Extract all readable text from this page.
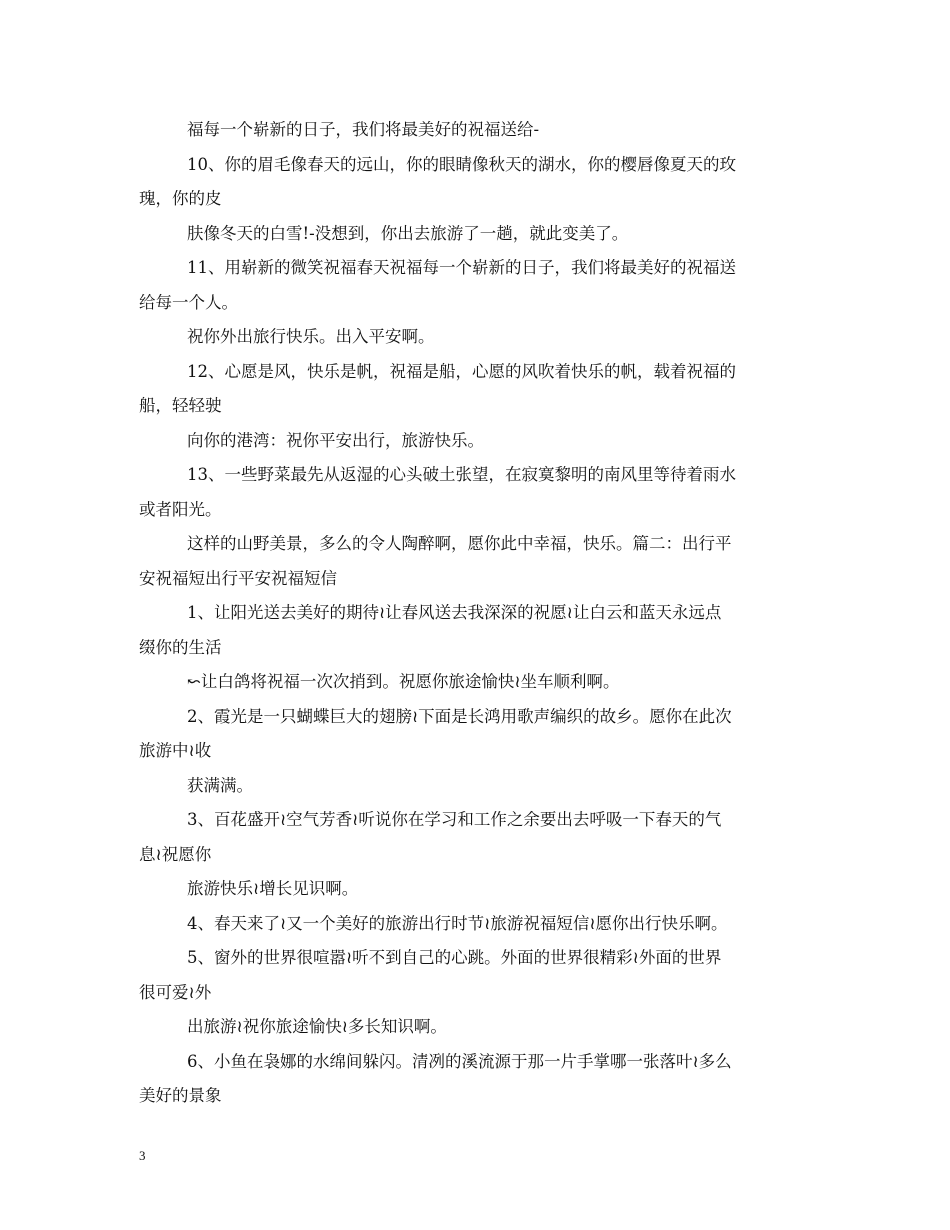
福每一个崭新的日子，我们将最美好的祝福送给-
10、你的眉毛像春天的远山，你的眼睛像秋天的湖水，你的樱唇像夏天的玫
瑰，你的皮
肤像冬天的白雪!-没想到，你出去旅游了一趟，就此变美了。
11、用崭新的微笑祝福春天祝福每一个崭新的日子，我们将最美好的祝福送
给每一个人。
祝你外出旅行快乐。出入平安啊。
12、心愿是风，快乐是帆，祝福是船，心愿的风吹着快乐的帆，载着祝福的
船，轻轻驶
向你的港湾：祝你平安出行，旅游快乐。
13、一些野菜最先从返湿的心头破土张望，在寂寞黎明的南风里等待着雨水
或者阳光。
这样的山野美景，多么的令人陶醉啊，愿你此中幸福，快乐。篇二：出行平
安祝福短出行平安祝福短信
1、让阳光送去美好的期待≀让春风送去我深深的祝愿≀让白云和蓝天永远点
缀你的生活
↜让白鸽将祝福一次次捎到。祝愿你旅途愉快≀坐车顺利啊。
2、霞光是一只蝴蝶巨大的翅膀≀下面是长鸿用歌声编织的故乡。愿你在此次
旅游中≀收
获满满。
3、百花盛开≀空气芳香≀听说你在学习和工作之余要出去呼吸一下春天的气
息≀祝愿你
旅游快乐≀增长见识啊。
4、春天来了≀又一个美好的旅游出行时节≀旅游祝福短信≀愿你出行快乐啊。
5、窗外的世界很喧嚣≀听不到自己的心跳。外面的世界很精彩≀外面的世界
很可爱≀外
出旅游≀祝你旅途愉快≀多长知识啊。
6、小鱼在袅娜的水绵间躲闪。清冽的溪流源于那一片手掌哪一张落叶≀多么
美好的景象
3
